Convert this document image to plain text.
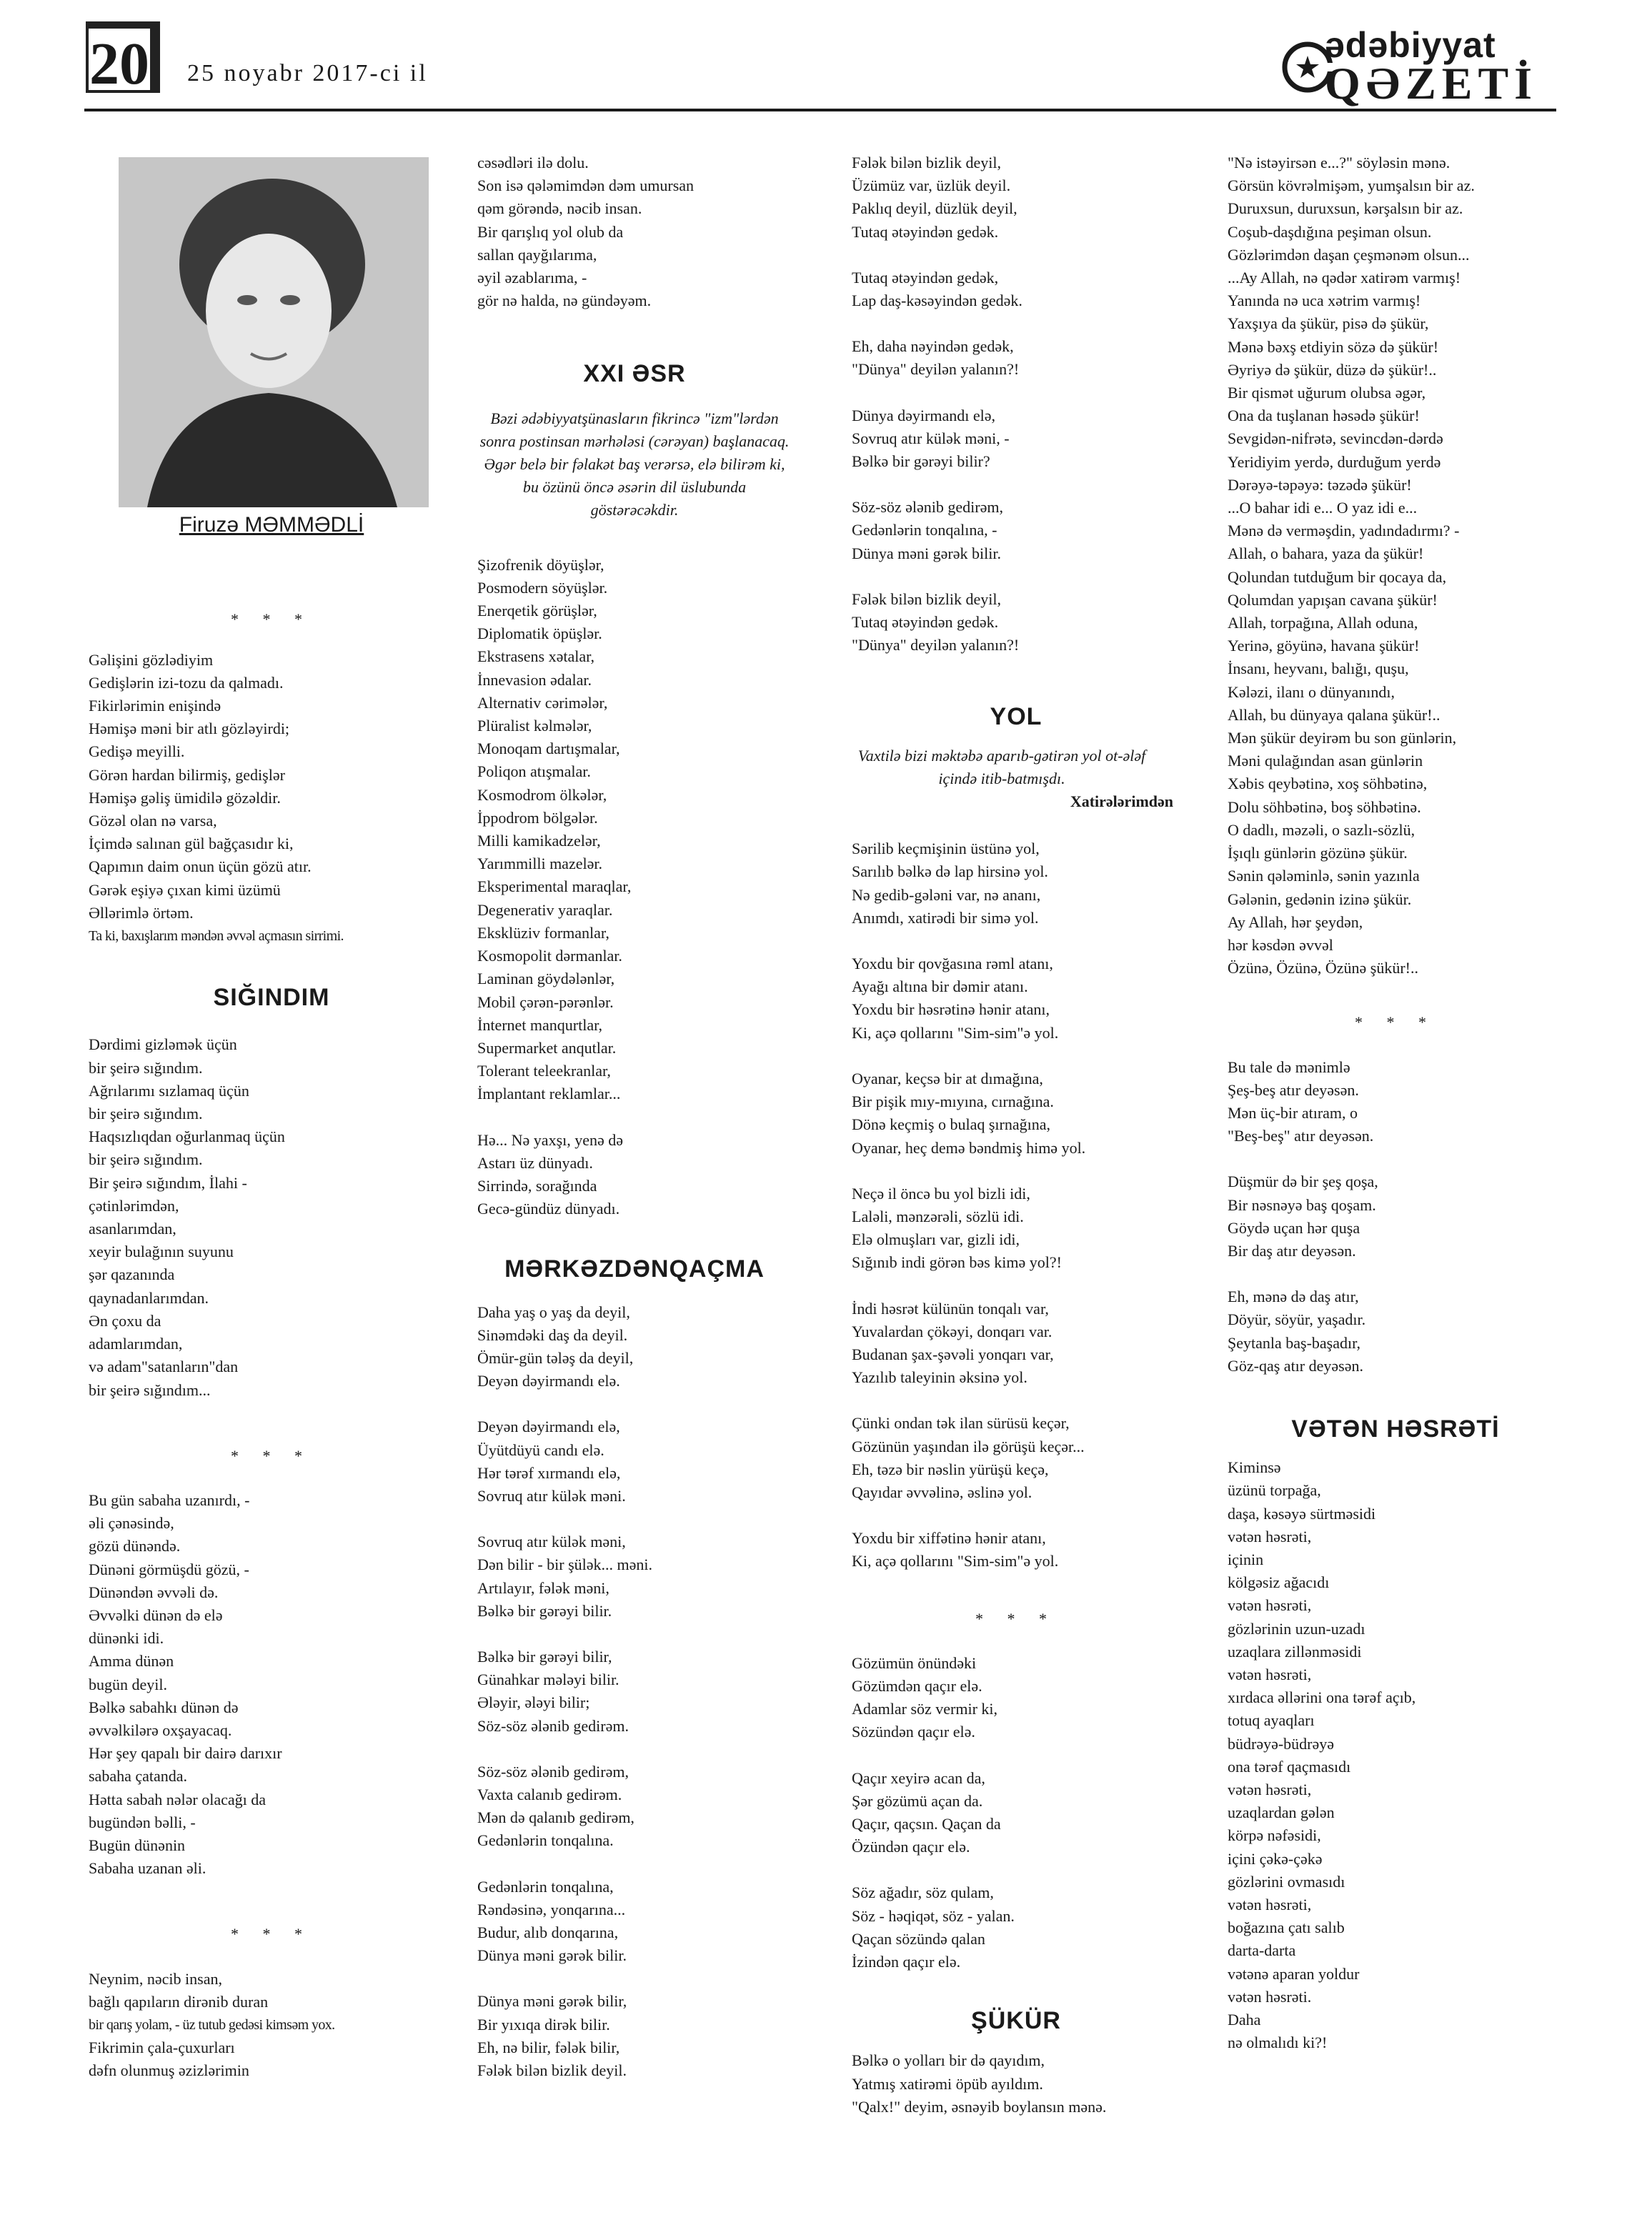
20	25 noyabr 2017-ci il
ədəbiyyat
QƏZETİ

Firuzə MƏMMƏDLİ

* * *

Gəlişini gözlədiyim

Gedişlərin izi-tozu da qalmadı.

Fikirlərimin enişində

Həmişə məni bir atlı gözləyirdi;

Gedişə meyilli.

Görən hardan bilirmiş, gedişlər

Həmişə gəliş ümidilə gözəldir.

Gözəl olan nə varsa,

İçimdə salınan gül bağçasıdır ki,

Qapımın daim onun üçün gözü atır.

Gərək eşiyə çıxan kimi üzümü

Əllərimlə örtəm.

Ta ki, baxışlarım məndən əvvəl açmasın sirrimi.

SIĞINDIM

Dərdimi gizləmək üçün

bir şeirə sığındım.

Ağrılarımı sızlamaq üçün

bir şeirə sığındım.

Haqsızlıqdan oğurlanmaq üçün

bir şeirə sığındım.

Bir şeirə sığındım, İlahi -

çətinlərimdən,

asanlarımdan,

xeyir bulağının suyunu

şər qazanında

qaynadanlarımdan.

Ən çoxu da

adamlarımdan,

və adam"satanların"dan

bir şeirə sığındım...

* * *

Bu gün sabaha uzanırdı, -

əli çənəsində,

gözü dünəndə.

Dünəni görmüşdü gözü, -

Dünəndən əvvəli də.

Əvvəlki dünən də elə

dünənki idi.

Amma dünən

bugün deyil.

Bəlkə sabahkı dünən də

əvvəlkilərə oxşayacaq.

Hər şey qapalı bir dairə darıxır

sabaha çatanda.

Hətta sabah nələr olacağı da

bugündən bəlli, -

Bugün dünənin

Sabaha uzanan əli.

* * *

Neynim, nəcib insan,

bağlı qapıların dirənib duran

bir qarış yolam, - üz tutub gedəsi kimsəm yox.

Fikrimin çala-çuxurları

dəfn olunmuş əzizlərimin

cəsədləri ilə dolu.

Son isə qələmimdən dəm umursan

qəm görəndə, nəcib insan.

Bir qarışlıq yol olub da

sallan qayğılarıma,

əyil əzablarıma, -

gör nə halda, nə gündəyəm.

XXI ƏSR

Bəzi ədəbiyyatşünasların fikrincə "izm"lərdən sonra postinsan mərhələsi (cərəyan) başlanacaq. Əgər belə bir fəlakət baş verərsə, elə bilirəm ki, bu özünü öncə əsərin dil üslubunda göstərəcəkdir.

Şizofrenik döyüşlər,

Posmodern söyüşlər.

Enerqetik görüşlər,

Diplomatik öpüşlər.

Ekstrasens xətalar,

İnnevasion ədalar.

Alternativ cərimələr,

Plüralist kəlmələr,

Monoqam dartışmalar,

Poliqon atışmalar.

Kosmodrom ölkələr,

İppodrom bölgələr.

Milli kamikadzelər,

Yarımmilli mazelər.

Eksperimental maraqlar,

Degenerativ yaraqlar.

Eksklüziv formanlar,

Kosmopolit dərmanlar.

Laminan göydələnlər,

Mobil çərən-pərənlər.

İnternet manqurtlar,

Supermarket anqutlar.

Tolerant teleekranlar,

İmplantant reklamlar...

Hə... Nə yaxşı, yenə də

Astarı üz dünyadı.

Sirrində, sorağında

Gecə-gündüz dünyadı.

MƏRKƏZDƏNQAÇMA

Daha yaş o yaş da deyil,

Sinəmdəki daş da deyil.

Ömür-gün tələş da deyil,

Deyən dəyirmandı elə.

Deyən dəyirmandı elə,

Üyütdüyü candı elə.

Hər tərəf xırmandı elə,

Sovruq atır külək məni.

Sovruq atır külək məni,

Dən bilir - bir şülək... məni.

Artılayır, fələk məni,

Bəlkə bir gərəyi bilir.

Bəlkə bir gərəyi bilir,

Günahkar mələyi bilir.

Ələyir, ələyi bilir;

Söz-söz ələnib gedirəm.

Söz-söz ələnib gedirəm,

Vaxta calanıb gedirəm.

Mən də qalanıb gedirəm,

Gedənlərin tonqalına.

Gedənlərin tonqalına,

Rəndəsinə, yonqarına...

Budur, alıb donqarına,

Dünya məni gərək bilir.

Dünya məni gərək bilir,

Bir yıxıqa dirək bilir.

Eh, nə bilir, fələk bilir,

Fələk bilən bizlik deyil.

Fələk bilən bizlik deyil,

Üzümüz var, üzlük deyil.

Paklıq deyil, düzlük deyil,

Tutaq ətəyindən gedək.

Tutaq ətəyindən gedək,

Lap daş-kəsəyindən gedək.

Eh, daha nəyindən gedək,

"Dünya" deyilən yalanın?!

Dünya dəyirmandı elə,

Sovruq atır külək məni, -

Bəlkə bir gərəyi bilir?

Söz-söz ələnib gedirəm,

Gedənlərin tonqalına, -

Dünya məni gərək bilir.

Fələk bilən bizlik deyil,

Tutaq ətəyindən gedək.

"Dünya" deyilən yalanın?!

YOL

Vaxtilə bizi məktəbə aparıb-gətirən yol ot-ələf içində itib-batmışdı.

Xatirələrimdən

Sərilib keçmişinin üstünə yol,

Sarılıb bəlkə də lap hirsinə yol.

Nə gedib-gələni var, nə ananı,

Anımdı, xatirədi bir simə yol.

Yoxdu bir qovğasına rəml atanı,

Ayağı altına bir dəmir atanı.

Yoxdu bir həsrətinə hənir atanı,

Ki, açə qollarını "Sim-sim"ə yol.

Oyanar, keçsə bir at dımağına,

Bir pişik mıy-mıyına, cırnağına.

Dönə keçmiş o bulaq şırnağına,

Oyanar, heç demə bəndmiş himə yol.

Neçə il öncə bu yol bizli idi,

Laləli, mənzərəli, sözlü idi.

Elə olmuşları var, gizli idi,

Sığınıb indi görən bəs kimə yol?!

İndi həsrət külünün tonqalı var,

Yuvalardan çökəyi, donqarı var.

Budanan şax-şəvəli yonqarı var,

Yazılıb taleyinin əksinə yol.

Çünki ondan tək ilan sürüsü keçər,

Gözünün yaşından ilə görüşü keçər...

Eh, təzə bir nəslin yürüşü keçə,

Qayıdar əvvəlinə, əslinə yol.

Yoxdu bir xiffətinə hənir atanı,

Ki, açə qollarını "Sim-sim"ə yol.

* * *

Gözümün önündəki

Gözümdən qaçır elə.

Adamlar söz vermir ki,

Sözündən qaçır elə.

Qaçır xeyirə acan da,

Şər gözümü açan da.

Qaçır, qaçsın. Qaçan da

Özündən qaçır elə.

Söz ağadır, söz qulam,

Söz - həqiqət, söz - yalan.

Qaçan sözündə qalan

İzindən qaçır elə.

ŞÜKÜR

Bəlkə o yolları bir də qayıdım,

Yatmış xatirəmi öpüb ayıldım.

"Qalx!" deyim, əsnəyib boylansın mənə.

"Nə istəyirsən e...?" söyləsin mənə.

Görsün kövrəlmişəm, yumşalsın bir az.

Duruxsun, duruxsun, kərşalsın bir az.

Coşub-daşdığına peşiman olsun.

Gözlərimdən daşan çeşmənəm olsun...

...Ay Allah, nə qədər xatirəm varmış!

Yanında nə uca xətrim varmış!

Yaxşıya da şükür, pisə də şükür,

Mənə bəxş etdiyin sözə də şükür!

Əyriyə də şükür, düzə də şükür!..

Bir qismət uğurum olubsa əgər,

Ona da tuşlanan həsədə şükür!

Sevgidən-nifrətə, sevincdən-dərdə

Yeridiyim yerdə, durduğum yerdə

Dərəyə-təpəyə: təzədə şükür!

...O bahar idi e... O yaz idi e...

Mənə də verməşdin, yadındadırmı? -

Allah, o bahara, yaza da şükür!

Qolundan tutduğum bir qocaya da,

Qolumdan yapışan cavana şükür!

Allah, torpağına, Allah oduna,

Yerinə, göyünə, havana şükür!

İnsanı, heyvanı, balığı, quşu,

Kələzi, ilanı o dünyanındı,

Allah, bu dünyaya qalana şükür!..

Mən şükür deyirəm bu son günlərin,

Məni qulağından asan günlərin

Xəbis qeybətinə, xoş söhbətinə,

Dolu söhbətinə, boş söhbətinə.

O dadlı, məzəli, o sazlı-sözlü,

İşıqlı günlərin gözünə şükür.

Sənin qələminlə, sənin yazınla

Gələnin, gedənin izinə şükür.

Ay Allah, hər şeydən,

hər kəsdən əvvəl

Özünə, Özünə, Özünə şükür!..

* * *

Bu tale də mənimlə

Şeş-beş atır deyəsən.

Mən üç-bir atıram, o

"Beş-beş" atır deyəsən.

Düşmür də bir şeş qoşa,

Bir nəsnəyə baş qoşam.

Göydə uçan hər quşa

Bir daş atır deyəsən.

Eh, mənə də daş atır,

Döyür, söyür, yaşadır.

Şeytanla baş-başadır,

Göz-qaş atır deyəsən.

VƏTƏN HƏSRƏTİ

Kiminsə

üzünü torpağa,

daşa, kəsəyə sürtməsidi

vətən həsrəti,

içinin

kölgəsiz ağacıdı

vətən həsrəti,

gözlərinin uzun-uzadı

uzaqlara zillənməsidi

vətən həsrəti,

xırdaca əllərini ona tərəf açıb,

totuq ayaqları

büdrəyə-büdrəyə

ona tərəf qaçmasıdı

vətən həsrəti,

uzaqlardan gələn

körpə nəfəsidi,

içini çəkə-çəkə

gözlərini ovmasıdı

vətən həsrəti,

boğazına çatı salıb

darta-darta

vətənə aparan yoldur

vətən həsrəti.

Daha

nə olmalıdı ki?!
